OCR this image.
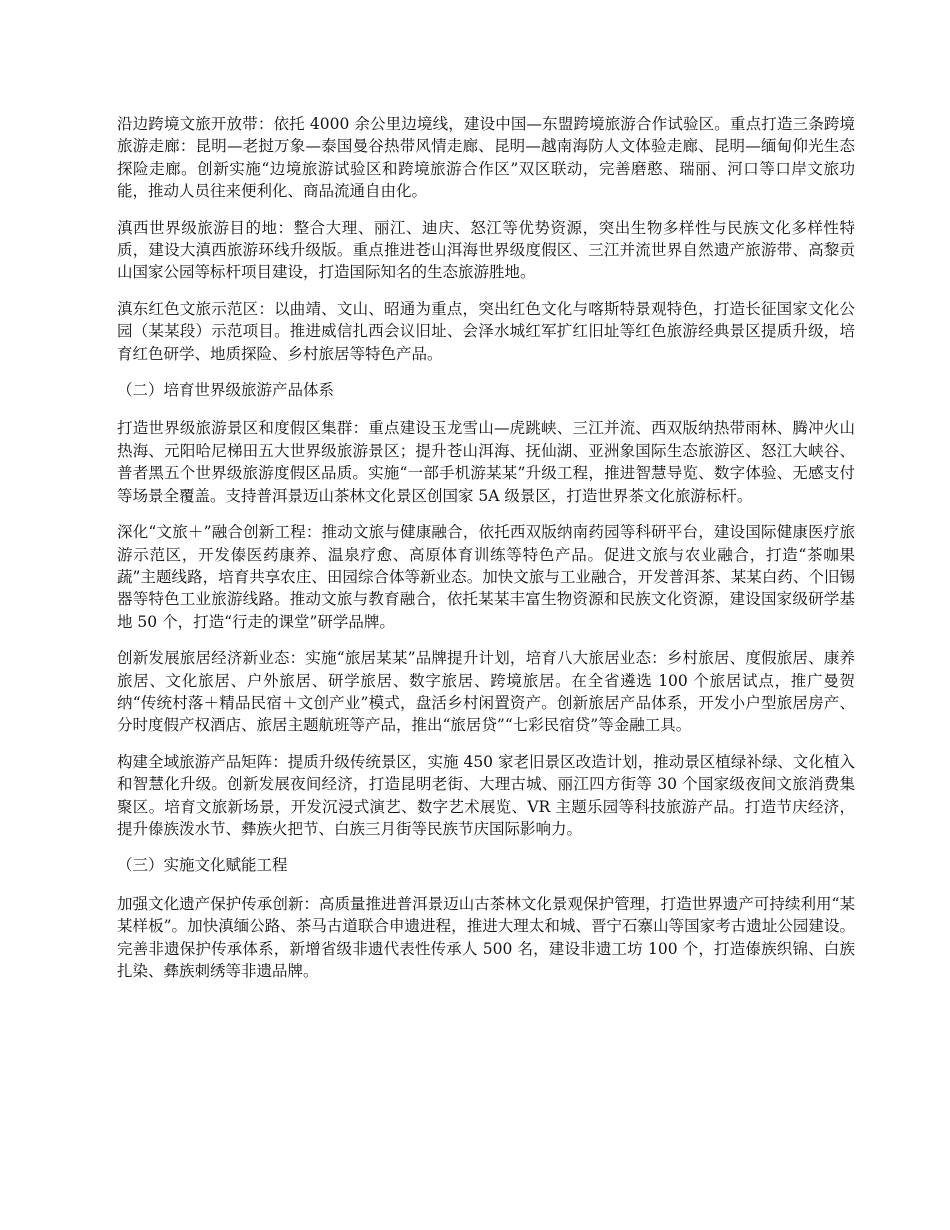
沿边跨境文旅开放带：依托 4000 余公里边境线，建设中国—东盟跨境旅游合作试验区。重点打造三条跨境旅游走廊：昆明—老挝万象—泰国曼谷热带风情走廊、昆明—越南海防人文体验走廊、昆明—缅甸仰光生态探险走廊。创新实施“边境旅游试验区和跨境旅游合作区”双区联动，完善磨憨、瑞丽、河口等口岸文旅功能，推动人员往来便利化、商品流通自由化。

滇西世界级旅游目的地：整合大理、丽江、迪庆、怒江等优势资源，突出生物多样性与民族文化多样性特质，建设大滇西旅游环线升级版。重点推进苍山洱海世界级度假区、三江并流世界自然遗产旅游带、高黎贡山国家公园等标杆项目建设，打造国际知名的生态旅游胜地。

滇东红色文旅示范区：以曲靖、文山、昭通为重点，突出红色文化与喀斯特景观特色，打造长征国家文化公园（某某段）示范项目。推进威信扎西会议旧址、会泽水城红军扩红旧址等红色旅游经典景区提质升级，培育红色研学、地质探险、乡村旅居等特色产品。

（二）培育世界级旅游产品体系

打造世界级旅游景区和度假区集群：重点建设玉龙雪山—虎跳峡、三江并流、西双版纳热带雨林、腾冲火山热海、元阳哈尼梯田五大世界级旅游景区；提升苍山洱海、抚仙湖、亚洲象国际生态旅游区、怒江大峡谷、普者黑五个世界级旅游度假区品质。实施“一部手机游某某”升级工程，推进智慧导览、数字体验、无感支付等场景全覆盖。支持普洱景迈山茶林文化景区创国家 5A 级景区，打造世界茶文化旅游标杆。

深化“文旅＋”融合创新工程：推动文旅与健康融合，依托西双版纳南药园等科研平台，建设国际健康医疗旅游示范区，开发傣医药康养、温泉疗愈、高原体育训练等特色产品。促进文旅与农业融合，打造“茶咖果蔬”主题线路，培育共享农庄、田园综合体等新业态。加快文旅与工业融合，开发普洱茶、某某白药、个旧锡器等特色工业旅游线路。推动文旅与教育融合，依托某某丰富生物资源和民族文化资源，建设国家级研学基地 50 个，打造“行走的课堂”研学品牌。

创新发展旅居经济新业态：实施“旅居某某”品牌提升计划，培育八大旅居业态：乡村旅居、度假旅居、康养旅居、文化旅居、户外旅居、研学旅居、数字旅居、跨境旅居。在全省遴选 100 个旅居试点，推广曼贺纳“传统村落＋精品民宿＋文创产业”模式，盘活乡村闲置资产。创新旅居产品体系，开发小户型旅居房产、分时度假产权酒店、旅居主题航班等产品，推出“旅居贷”“七彩民宿贷”等金融工具。

构建全域旅游产品矩阵：提质升级传统景区，实施 450 家老旧景区改造计划，推动景区植绿补绿、文化植入和智慧化升级。创新发展夜间经济，打造昆明老街、大理古城、丽江四方街等 30 个国家级夜间文旅消费集聚区。培育文旅新场景，开发沉浸式演艺、数字艺术展览、VR 主题乐园等科技旅游产品。打造节庆经济，提升傣族泼水节、彝族火把节、白族三月街等民族节庆国际影响力。

（三）实施文化赋能工程

加强文化遗产保护传承创新：高质量推进普洱景迈山古茶林文化景观保护管理，打造世界遗产可持续利用“某某样板”。加快滇缅公路、茶马古道联合申遗进程，推进大理太和城、晋宁石寨山等国家考古遗址公园建设。完善非遗保护传承体系，新增省级非遗代表性传承人 500 名，建设非遗工坊 100 个，打造傣族织锦、白族扎染、彝族刺绣等非遗品牌。
